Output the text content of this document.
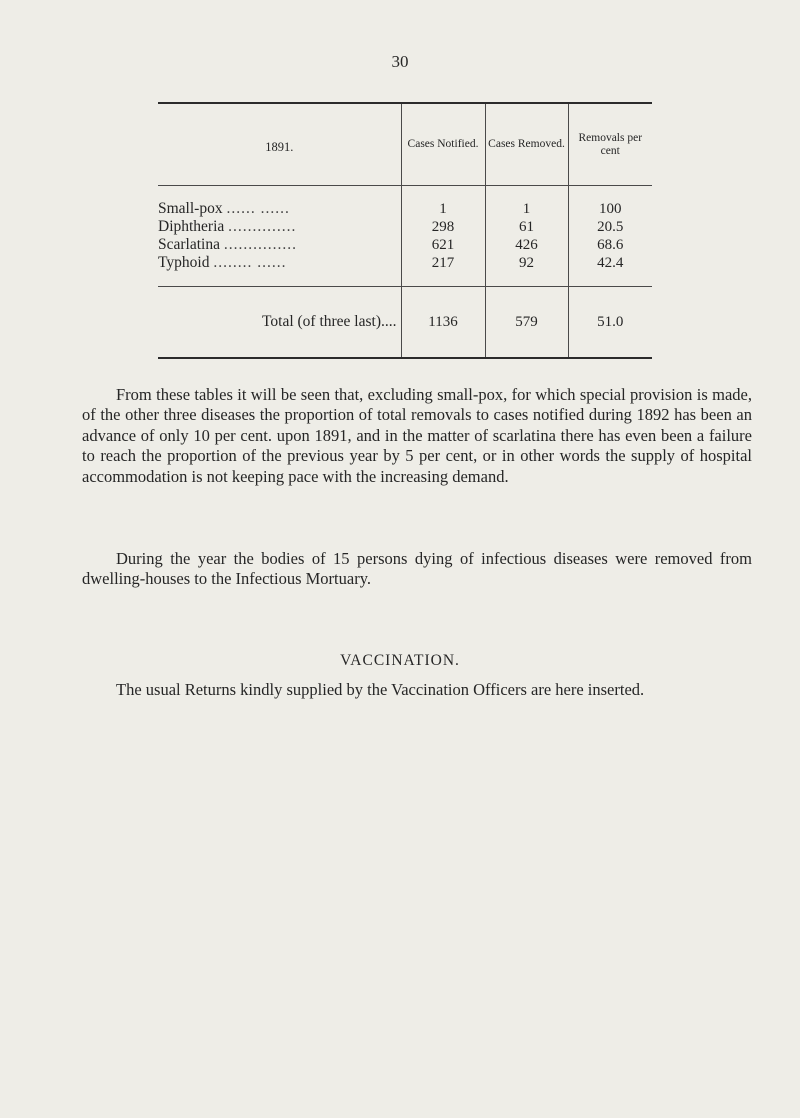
30
1891.	Cases Notified.	Cases Removed.	Removals per cent
Small-pox ...... ......	1	1	100
Diphtheria ..............	298	61	20.5
Scarlatina ...............	621	426	68.6
Typhoid ........ ......	217	92	42.4
Total (of three last)....	1136	579	51.0

From these tables it will be seen that, excluding small-pox, for which special provision is made, of the other three diseases the proportion of total removals to cases notified during 1892 has been an advance of only 10 per cent. upon 1891, and in the matter of scarlatina there has even been a failure to reach the proportion of the previous year by 5 per cent, or in other words the supply of hospital accommodation is not keeping pace with the increasing demand.

During the year the bodies of 15 persons dying of infectious diseases were removed from dwelling-houses to the Infectious Mortuary.

VACCINATION.

The usual Returns kindly supplied by the Vaccination Officers are here inserted.
